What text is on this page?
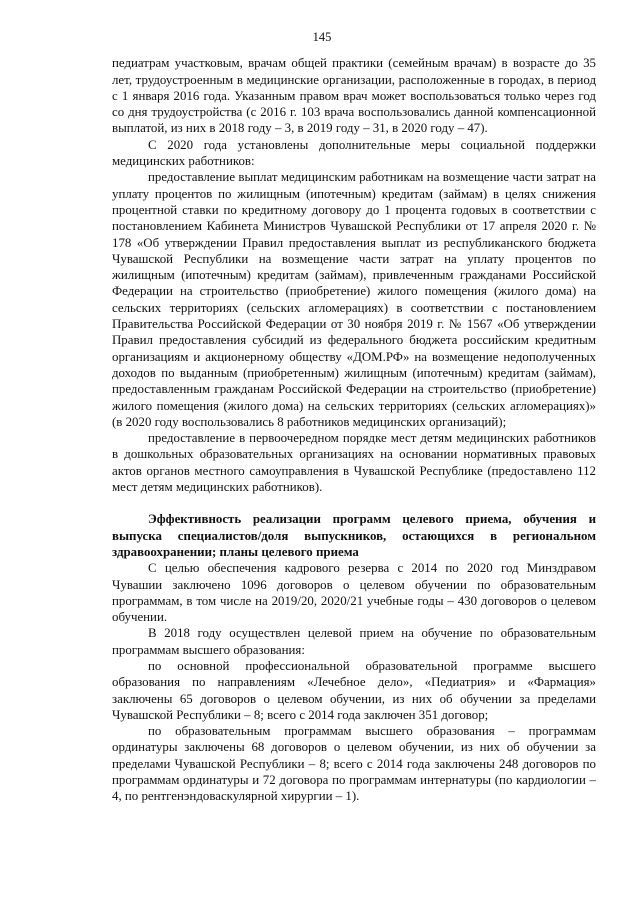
145

педиатрам участковым, врачам общей практики (семейным врачам) в возрасте до 35 лет, трудоустроенным в медицинские организации, расположенные в городах, в период с 1 января 2016 года. Указанным правом врач может воспользоваться только через год со дня трудоустройства (с 2016 г. 103 врача воспользовались данной компенсационной выплатой, из них в 2018 году – 3, в 2019 году – 31, в 2020 году – 47).

С 2020 года установлены дополнительные меры социальной поддержки медицинских работников:

предоставление выплат медицинским работникам на возмещение части затрат на уплату процентов по жилищным (ипотечным) кредитам (займам) в целях снижения процентной ставки по кредитному договору до 1 процента годовых в соответствии с постановлением Кабинета Министров Чувашской Республики от 17 апреля 2020 г. № 178 «Об утверждении Правил предоставления выплат из республиканского бюджета Чувашской Республики на возмещение части затрат на уплату процентов по жилищным (ипотечным) кредитам (займам), привлеченным гражданами Российской Федерации на строительство (приобретение) жилого помещения (жилого дома) на сельских территориях (сельских агломерациях) в соответствии с постановлением Правительства Российской Федерации от 30 ноября 2019 г. № 1567 «Об утверждении Правил предоставления субсидий из федерального бюджета российским кредитным организациям и акционерному обществу «ДОМ.РФ» на возмещение недополученных доходов по выданным (приобретенным) жилищным (ипотечным) кредитам (займам), предоставленным гражданам Российской Федерации на строительство (приобретение) жилого помещения (жилого дома) на сельских территориях (сельских агломерациях)» (в 2020 году воспользовались 8 работников медицинских организаций);

предоставление в первоочередном порядке мест детям медицинских работников в дошкольных образовательных организациях на основании нормативных правовых актов органов местного самоуправления в Чувашской Республике (предоставлено 112 мест детям медицинских работников).

Эффективность реализации программ целевого приема, обучения и выпуска специалистов/доля выпускников, остающихся в региональном здравоохранении; планы целевого приема

С целью обеспечения кадрового резерва с 2014 по 2020 год Минздравом Чувашии заключено 1096 договоров о целевом обучении по образовательным программам, в том числе на 2019/20, 2020/21 учебные годы – 430 договоров о целевом обучении.

В 2018 году осуществлен целевой прием на обучение по образовательным программам высшего образования:

по основной профессиональной образовательной программе высшего образования по направлениям «Лечебное дело», «Педиатрия» и «Фармация» заключены 65 договоров о целевом обучении, из них об обучении за пределами Чувашской Республики – 8; всего с 2014 года заключен 351 договор;

по образовательным программам высшего образования – программам ординатуры заключены 68 договоров о целевом обучении, из них об обучении за пределами Чувашской Республики – 8; всего с 2014 года заключены 248 договоров по программам ординатуры и 72 договора по программам интернатуры (по кардиологии – 4, по рентгенэндоваскулярной хирургии – 1).
